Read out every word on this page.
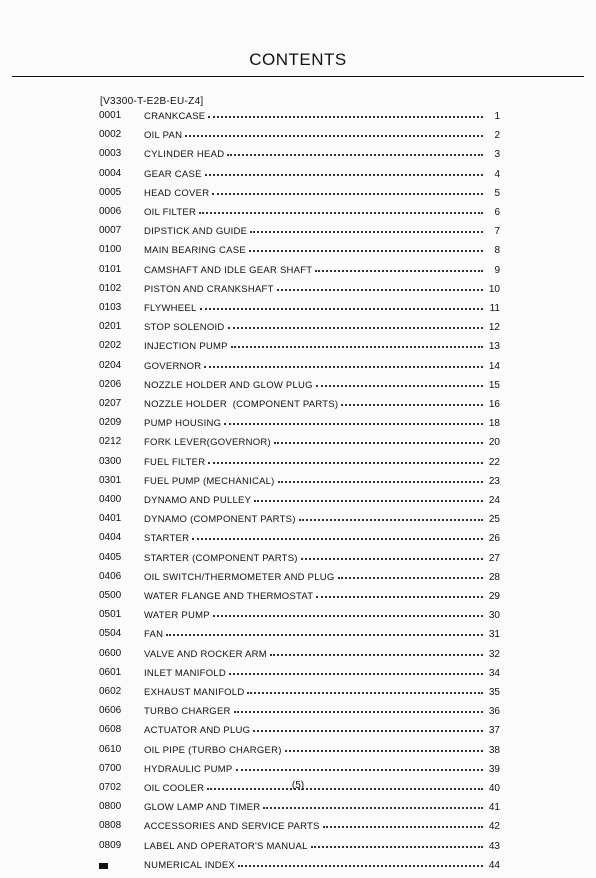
CONTENTS
[V3300-T-E2B-EU-Z4]
0001 CRANKCASE	1
0002 OIL PAN	2
0003 CYLINDER HEAD	3
0004 GEAR CASE	4
0005 HEAD COVER	5
0006 OIL FILTER	6
0007 DIPSTICK AND GUIDE	7
0100 MAIN BEARING CASE	8
0101 CAMSHAFT AND IDLE GEAR SHAFT	9
0102 PISTON AND CRANKSHAFT	10
0103 FLYWHEEL	11
0201 STOP SOLENOID	12
0202 INJECTION PUMP	13
0204 GOVERNOR	14
0206 NOZZLE HOLDER AND GLOW PLUG	15
0207 NOZZLE HOLDER  (COMPONENT PARTS)	16
0209 PUMP HOUSING	18
0212 FORK LEVER(GOVERNOR)	20
0300 FUEL FILTER	22
0301 FUEL PUMP (MECHANICAL)	23
0400 DYNAMO AND PULLEY	24
0401 DYNAMO (COMPONENT PARTS)	25
0404 STARTER	26
0405 STARTER (COMPONENT PARTS)	27
0406 OIL SWITCH/THERMOMETER AND PLUG	28
0500 WATER FLANGE AND THERMOSTAT	29
0501 WATER PUMP	30
0504 FAN	31
0600 VALVE AND ROCKER ARM	32
0601 INLET MANIFOLD	34
0602 EXHAUST MANIFOLD	35
0606 TURBO CHARGER	36
0608 ACTUATOR AND PLUG	37
0610 OIL PIPE (TURBO CHARGER)	38
0700 HYDRAULIC PUMP	39
0702 OIL COOLER	40
0800 GLOW LAMP AND TIMER	41
0808 ACCESSORIES AND SERVICE PARTS	42
0809 LABEL AND OPERATOR'S MANUAL	43
NUMERICAL INDEX	44
(5)
